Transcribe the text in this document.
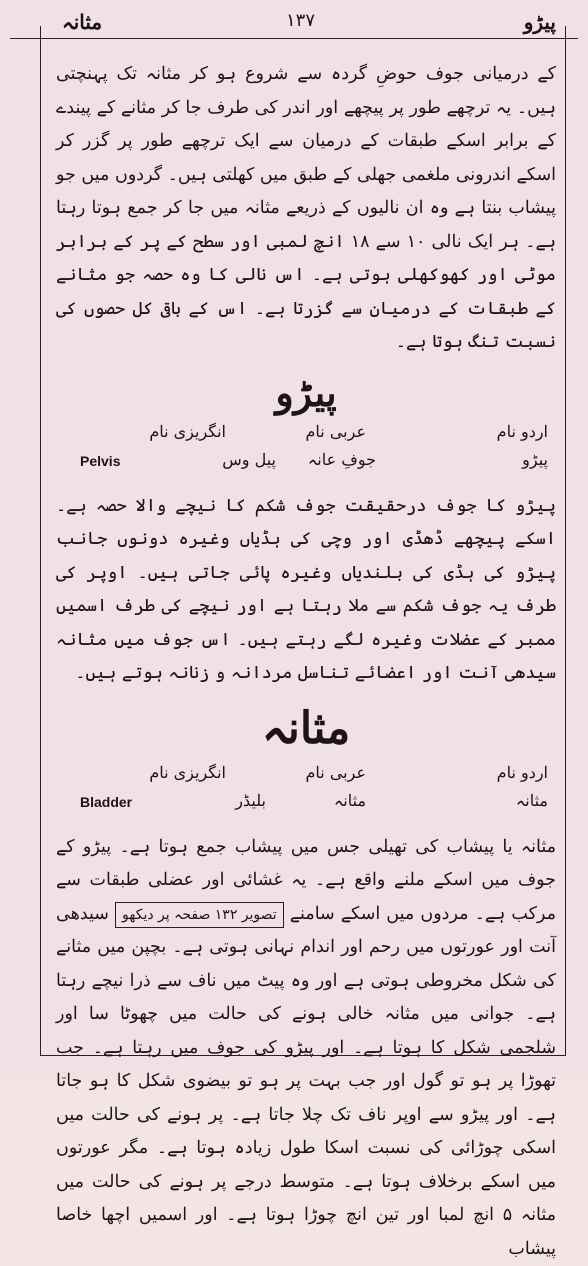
مثانہ	۱۳۷	پیڑو

کے درمیانی جوف حوضِ گردہ سے شروع ہو کر مثانہ تک پہنچتی ہیں۔ یہ ترچھے طور پر پیچھے اور اندر کی طرف جا کر مثانے کے پیندے کے برابر اسکے طبقات کے درمیان سے ایک ترچھے طور پر گزر کر اسکے اندرونی ملغمی جھلی کے طبق میں کھلتی ہیں۔ گردوں میں جو پیشاب بنتا ہے وہ ان نالیوں کے ذریعے مثانہ میں جا کر جمع ہوتا رہتا ہے۔ ہر ایک نالی ۱۰ سے ۱۸ انچ لمبی اور سطح کے پر کے برابر موٹی اور کھوکھلی ہوتی ہے۔ اس نالی کا وہ حصہ جو مثانے کے طبقات کے درمیان سے گزرتا ہے۔ اس کے باقی کل حصوں کی نسبت تنگ ہوتا ہے۔

پیڑو
اردو نام
عربی نام
انگریزی نام
پیڑو
جوفِ عانہ
پیل وس
Pelvis

پیڑو کا جوف درحقیقت جوف شکم کا نیچے والا حصہ ہے۔ اسکے پیچھے ڈھڈی اور وچی کی ہڈیاں وغیرہ دونوں جانب پیڑو کی ہڈی کی بلندیاں وغیرہ پائی جاتی ہیں۔ اوپر کی طرف یہ جوف شکم سے ملا رہتا ہے اور نیچے کی طرف اسمیں ممبر کے عضلات وغیرہ لگے رہتے ہیں۔ اس جوف میں مثانہ سیدھی آنت اور اعضائے تناسل مردانہ و زنانہ ہوتے ہیں۔

مثانہ
اردو نام
عربی نام
انگریزی نام
مثانہ
مثانہ
بلیڈر
Bladder

مثانہ یا پیشاب کی تھیلی جس میں پیشاب جمع ہوتا ہے۔ پیڑو کے جوف میں اسکے ملنے واقع ہے۔ یہ غشائی اور عضلی طبقات سے مرکب ہے۔ مردوں میں اسکے سامنے تصویر ۱۳۲ صفحہ پر دیکھو سیدھی آنت اور عورتوں میں رحم اور اندام نہانی ہوتی ہے۔ بچپن میں مثانے کی شکل مخروطی ہوتی ہے اور وہ پیٹ میں ناف سے ذرا نیچے رہتا ہے۔ جوانی میں مثانہ خالی ہونے کی حالت میں چھوٹا سا اور شلجمی شکل کا ہوتا ہے۔ اور پیڑو کی جوف میں رہتا ہے۔ جب تھوڑا پر ہو تو گول اور جب بہت پر ہو تو بیضوی شکل کا ہو جاتا ہے۔ اور پیڑو سے اوپر ناف تک چلا جاتا ہے۔ پر ہونے کی حالت میں اسکی چوڑائی کی نسبت اسکا طول زیادہ ہوتا ہے۔ مگر عورتوں میں اسکے برخلاف ہوتا ہے۔ متوسط درجے پر ہونے کی حالت میں مثانہ ۵ انچ لمبا اور تین انچ چوڑا ہوتا ہے۔ اور اسمیں اچھا خاصا پیشاب
